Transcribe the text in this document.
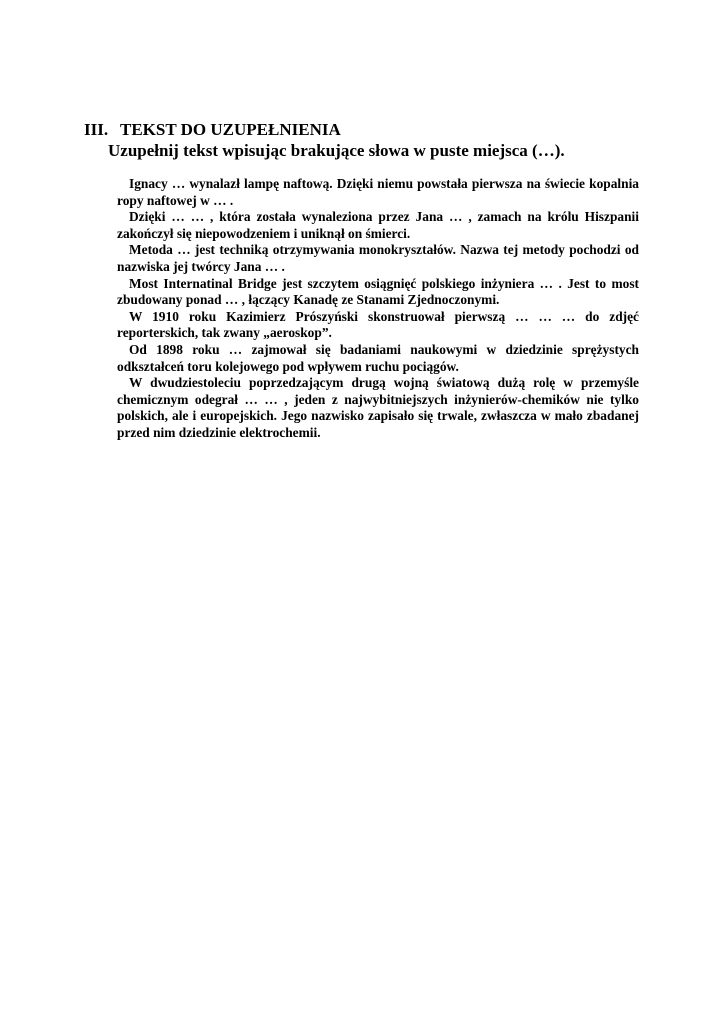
III. TEKST DO UZUPEŁNIENIA
Uzupełnij tekst wpisując brakujące słowa w puste miejsca (…).

Ignacy … wynalazł lampę naftową. Dzięki niemu powstała pierwsza na świecie kopalnia ropy naftowej w … .

Dzięki … … , która została wynaleziona przez Jana … , zamach na królu Hiszpanii zakończył się niepowodzeniem i uniknął on śmierci.

Metoda … jest techniką otrzymywania monokryształów. Nazwa tej metody pochodzi od nazwiska jej twórcy Jana … .

Most Internatinal Bridge jest szczytem osiągnięć polskiego inżyniera … . Jest to most zbudowany ponad … , łączący Kanadę ze Stanami Zjednoczonymi.

W 1910 roku Kazimierz Prószyński skonstruował pierwszą … … … do zdjęć reporterskich, tak zwany „aeroskop”.

Od 1898 roku … zajmował się badaniami naukowymi w dziedzinie sprężystych odkształceń toru kolejowego pod wpływem ruchu pociągów.

W dwudziestoleciu poprzedzającym drugą wojną światową dużą rolę w przemyśle chemicznym odegrał … … , jeden z najwybitniejszych inżynierów-chemików nie tylko polskich, ale i europejskich. Jego nazwisko zapisało się trwale, zwłaszcza w mało zbadanej przed nim dziedzinie elektrochemii.
